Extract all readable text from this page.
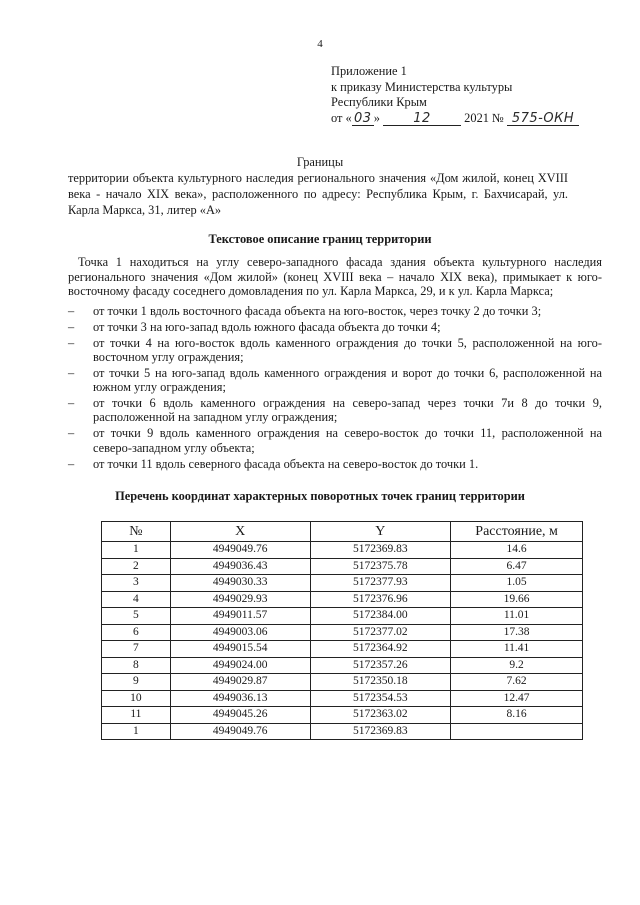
4
Приложение 1
к приказу Министерства культуры
Республики Крым
от « 03 »	12	2021 № 575-ОКН
Границы
территории объекта культурного наследия регионального значения «Дом жилой, конец XVIII века - начало XIX века», расположенного по адресу: Республика Крым, г. Бахчисарай, ул. Карла Маркса, 31, литер «А»
Текстовое описание границ территории
Точка 1 находиться на углу северо-западного фасада здания объекта культурного наследия регионального значения «Дом жилой» (конец XVIII века – начало XIX века), примыкает к юго-восточному фасаду соседнего домовладения по ул. Карла Маркса, 29, и к ул. Карла Маркса;
– от точки 1 вдоль восточного фасада объекта на юго-восток, через точку 2 до точки 3;
– от точки 3 на юго-запад вдоль южного фасада объекта до точки 4;
– от точки 4 на юго-восток вдоль каменного ограждения до точки 5, расположенной на юго-восточном углу ограждения;
– от точки 5 на юго-запад вдоль каменного ограждения и ворот до точки 6, расположенной на южном углу ограждения;
– от точки 6 вдоль каменного ограждения на северо-запад через точки 7и 8 до точки 9, расположенной на западном углу ограждения;
– от точки 9 вдоль каменного ограждения на северо-восток до точки 11, расположенной на северо-западном углу объекта;
– от точки 11 вдоль северного фасада объекта на северо-восток до точки 1.
Перечень координат характерных поворотных точек границ территории
№	X	Y	Расстояние, м
1	4949049.76	5172369.83	14.6
2	4949036.43	5172375.78	6.47
3	4949030.33	5172377.93	1.05
4	4949029.93	5172376.96	19.66
5	4949011.57	5172384.00	11.01
6	4949003.06	5172377.02	17.38
7	4949015.54	5172364.92	11.41
8	4949024.00	5172357.26	9.2
9	4949029.87	5172350.18	7.62
10	4949036.13	5172354.53	12.47
11	4949045.26	5172363.02	8.16
1	4949049.76	5172369.83	
